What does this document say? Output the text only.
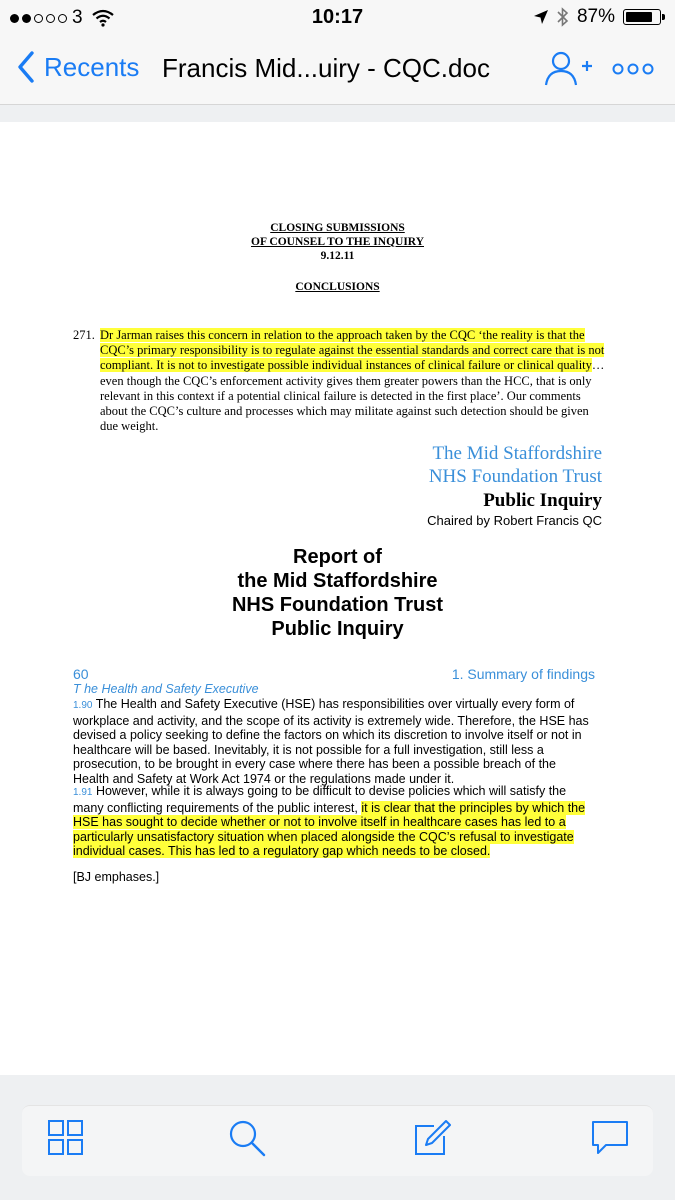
3	10:17	87%
Recents Francis Mid...uiry - CQC.doc
CLOSING SUBMISSIONS
OF COUNSEL TO THE INQUIRY
9.12.11
CONCLUSIONS
271. Dr Jarman raises this concern in relation to the approach taken by the CQC ‘the reality is that the CQC’s primary responsibility is to regulate against the essential standards and correct care that is not compliant. It is not to investigate possible individual instances of clinical failure or clinical quality… even though the CQC’s enforcement activity gives them greater powers than the HCC, that is only relevant in this context if a potential clinical failure is detected in the first place’. Our comments about the CQC’s culture and processes which may militate against such detection should be given due weight.
The Mid Staffordshire
NHS Foundation Trust
Public Inquiry
Chaired by Robert Francis QC
Report of
the Mid Staffordshire
NHS Foundation Trust
Public Inquiry
60	1. Summary of findings
T he Health and Safety Executive
1.90 The Health and Safety Executive (HSE) has responsibilities over virtually every form of workplace and activity, and the scope of its activity is extremely wide. Therefore, the HSE has devised a policy seeking to define the factors on which its discretion to involve itself or not in healthcare will be based. Inevitably, it is not possible for a full investigation, still less a prosecution, to be brought in every case where there has been a possible breach of the Health and Safety at Work Act 1974 or the regulations made under it.
1.91 However, while it is always going to be difficult to devise policies which will satisfy the many conflicting requirements of the public interest, it is clear that the principles by which the HSE has sought to decide whether or not to involve itself in healthcare cases has led to a particularly unsatisfactory situation when placed alongside the CQC’s refusal to investigate individual cases. This has led to a regulatory gap which needs to be closed.
[BJ emphases.]
